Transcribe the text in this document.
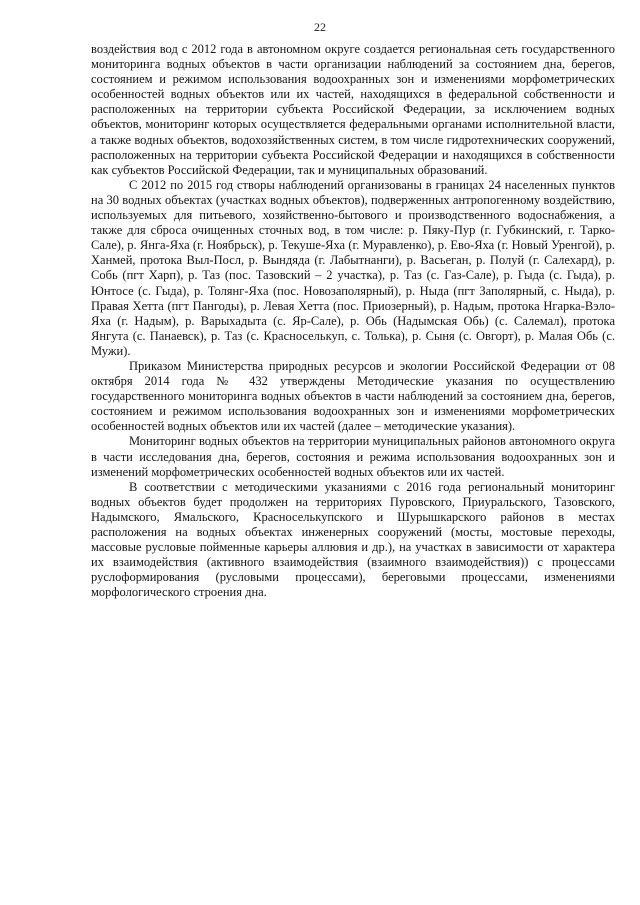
22

воздействия вод с 2012 года в автономном округе создается региональная сеть государственного мониторинга водных объектов в части организации наблюдений за состоянием дна, берегов, состоянием и режимом использования водоохранных зон и изменениями морфометрических особенностей водных объектов или их частей, находящихся в федеральной собственности и расположенных на территории субъекта Российской Федерации, за исключением водных объектов, мониторинг которых осуществляется федеральными органами исполнительной власти, а также водных объектов, водохозяйственных систем, в том числе гидротехнических сооружений, расположенных на территории субъекта Российской Федерации и находящихся в собственности как субъектов Российской Федерации, так и муниципальных образований.

С 2012 по 2015 год створы наблюдений организованы в границах 24 населенных пунктов на 30 водных объектах (участках водных объектов), подверженных антропогенному воздействию, используемых для питьевого, хозяйственно-бытового и производственного водоснабжения, а также для сброса очищенных сточных вод, в том числе: р. Пяку-Пур (г. Губкинский, г. Тарко-Сале), р. Янга-Яха (г. Ноябрьск), р. Текуше-Яха (г. Муравленко), р. Ево-Яха (г. Новый Уренгой), р. Ханмей, протока Выл-Посл, р. Вындяда (г. Лабытнанги), р. Васьеган, р. Полуй (г. Салехард), р. Собь (пгт Харп), р. Таз (пос. Тазовский – 2 участка), р. Таз (с. Газ-Сале), р. Гыда (с. Гыда), р. Юнтосе (с. Гыда), р. Толянг-Яха (пос. Новозаполярный), р. Ныда (пгт Заполярный, с. Ныда), р. Правая Хетта (пгт Пангоды), р. Левая Хетта (пос. Приозерный), р. Надым, протока Нгарка-Вэло-Яха (г. Надым), р. Варыхадыта (с. Яр-Сале), р. Обь (Надымская Обь) (с. Салемал), протока Янгута (с. Панаевск), р. Таз (с. Красноселькуп, с. Толька), р. Сыня (с. Овгорт), р. Малая Обь (с. Мужи).

Приказом Министерства природных ресурсов и экологии Российской Федерации от 08 октября 2014 года № 432 утверждены Методические указания по осуществлению государственного мониторинга водных объектов в части наблюдений за состоянием дна, берегов, состоянием и режимом использования водоохранных зон и изменениями морфометрических особенностей водных объектов или их частей (далее – методические указания).

Мониторинг водных объектов на территории муниципальных районов автономного округа в части исследования дна, берегов, состояния и режима использования водоохранных зон и изменений морфометрических особенностей водных объектов или их частей.

В соответствии с методическими указаниями с 2016 года региональный мониторинг водных объектов будет продолжен на территориях Пуровского, Приуральского, Тазовского, Надымского, Ямальского, Красноселькупского и Шурышкарского районов в местах расположения на водных объектах инженерных сооружений (мосты, мостовые переходы, массовые русловые пойменные карьеры аллювия и др.), на участках в зависимости от характера их взаимодействия (активного взаимодействия (взаимного взаимодействия)) с процессами руслоформирования (русловыми процессами), береговыми процессами, изменениями морфологического строения дна.
